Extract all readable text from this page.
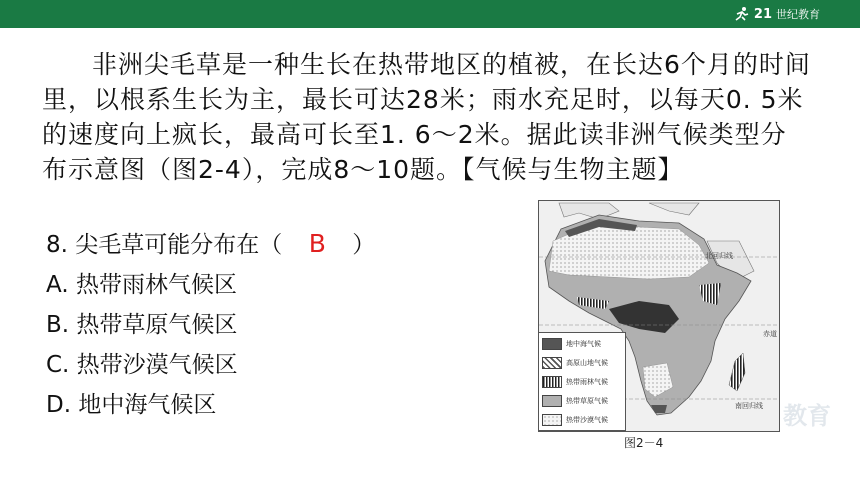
21 世纪教育

非洲尖毛草是一种生长在热带地区的植被，在长达6个月的时间里，以根系生长为主，最长可达28米；雨水充足时，以每天0. 5米的速度向上疯长，最高可长至1. 6～2米。据此读非洲气候类型分布示意图（图2-4），完成8～10题。【气候与生物主题】

8. 尖毛草可能分布在（ B ）
A. 热带雨林气候区
B. 热带草原气候区
C. 热带沙漠气候区
D. 地中海气候区
北回归线
赤道
南回归线
地中海气候
高原山地气候
热带雨林气候
热带草原气候
热带沙漠气候
图2－4
教育
